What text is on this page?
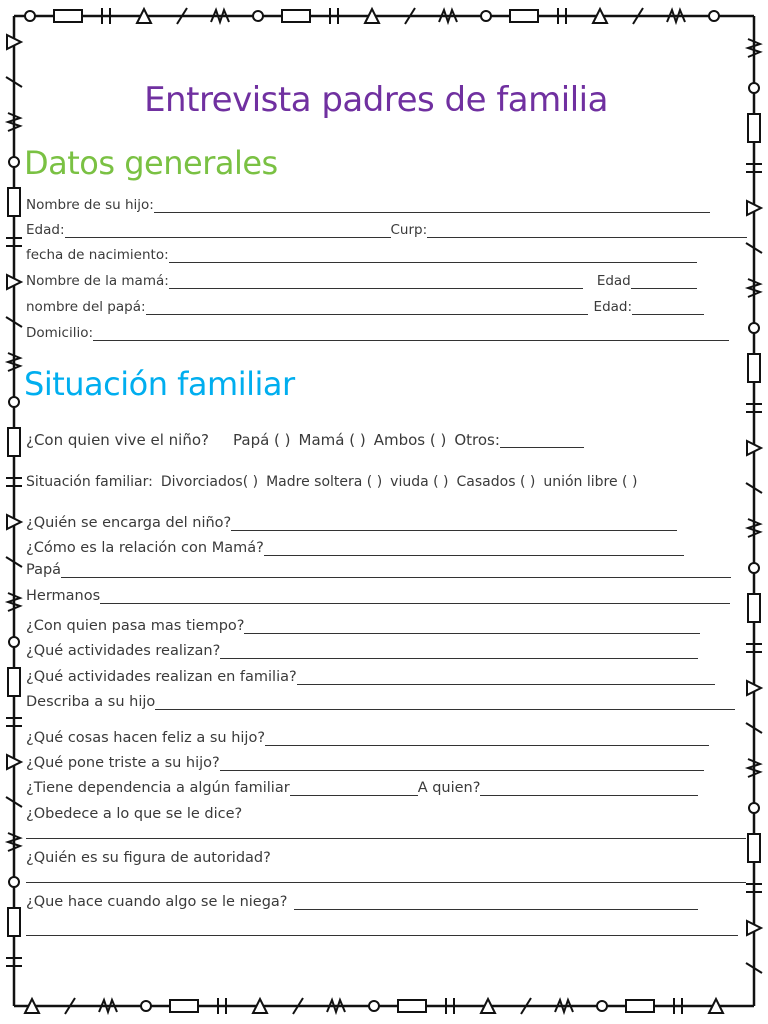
Entrevista padres de familia
Datos generales
Nombre de su hijo:
Edad:	Curp:
fecha de nacimiento:
Nombre de la mamá:	Edad
nombre del papá:	Edad:
Domicilio:
Situación familiar
¿Con quien vive el niño? Papá ( ) Mamá ( ) Ambos ( ) Otros:
Situación familiar: Divorciados( ) Madre soltera ( ) viuda ( ) Casados ( ) unión libre ( )
¿Quién se encarga del niño?
¿Cómo es la relación con Mamá?
Papá
Hermanos
¿Con quien pasa mas tiempo?
¿Qué actividades realizan?
¿Qué actividades realizan en familia?
Describa a su hijo
¿Qué cosas hacen feliz a su hijo?
¿Qué pone triste a su hijo?
¿Tiene dependencia a algún familiar	A quien?
¿Obedece a lo que se le dice?
¿Quién es su figura de autoridad?
¿Que hace cuando algo se le niega?
